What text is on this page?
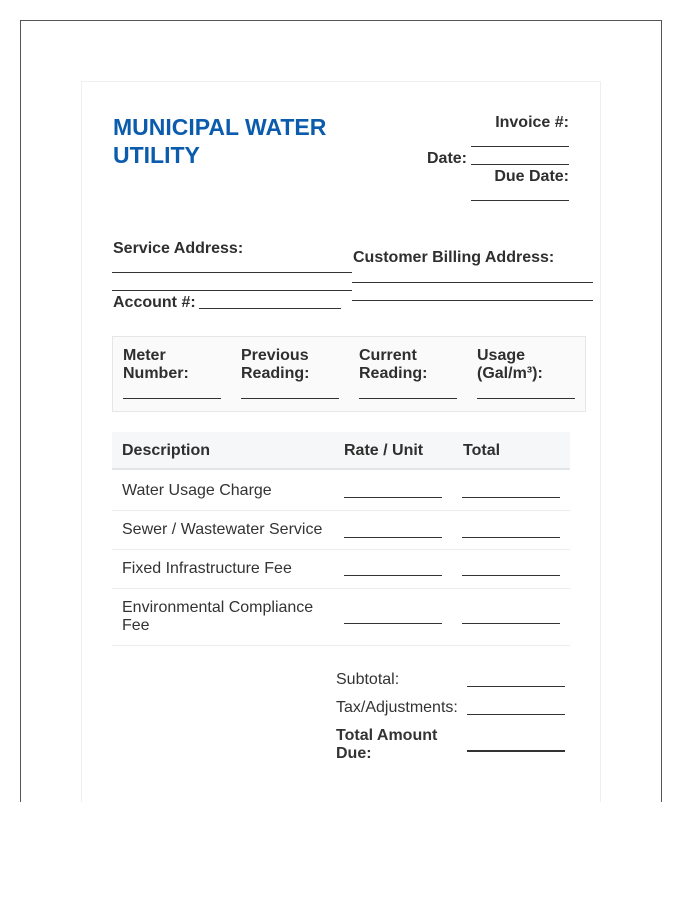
MUNICIPAL WATER UTILITY
Invoice #:
Date:
Due Date:
Service Address:
Account #:
Customer Billing Address:
Meter Number:
Previous Reading:
Current Reading:
Usage (Gal/m³):
Description	Rate / Unit Total
Water Usage Charge
Sewer / Wastewater Service
Fixed Infrastructure Fee
Environmental Compliance Fee
Subtotal:
Tax/Adjustments:
Total Amount Due:
